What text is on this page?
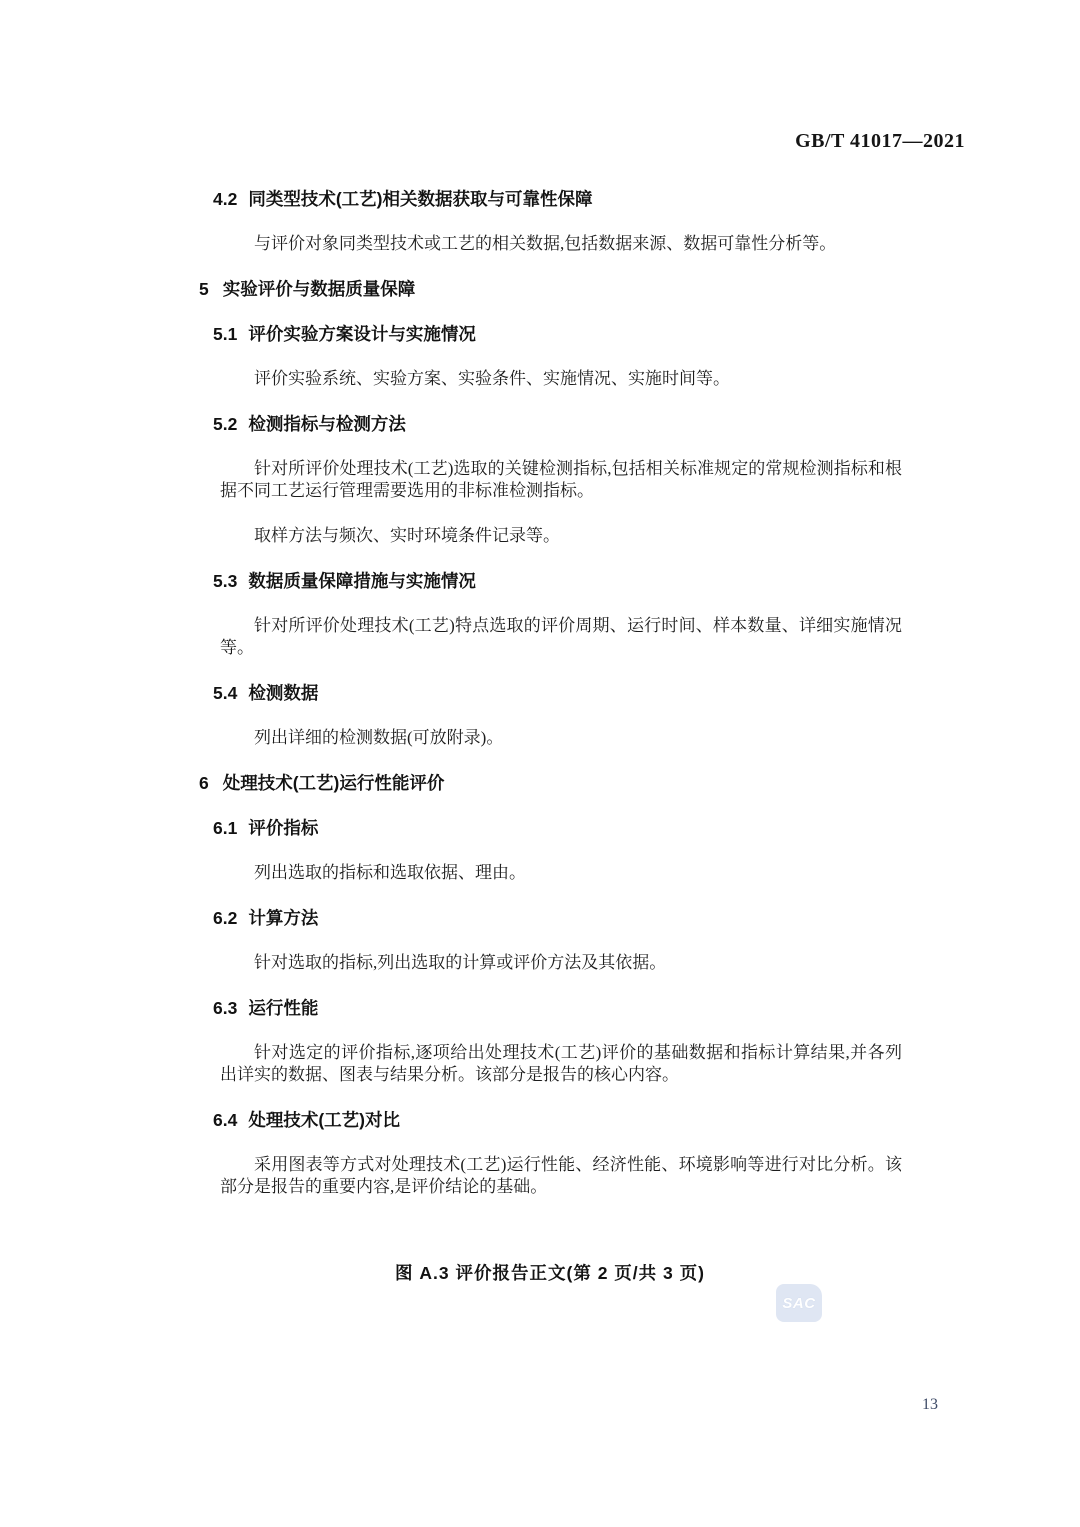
GB/T 41017—2021
4.2 同类型技术(工艺)相关数据获取与可靠性保障
与评价对象同类型技术或工艺的相关数据,包括数据来源、数据可靠性分析等。
5 实验评价与数据质量保障
5.1 评价实验方案设计与实施情况
评价实验系统、实验方案、实验条件、实施情况、实施时间等。
5.2 检测指标与检测方法
针对所评价处理技术(工艺)选取的关键检测指标,包括相关标准规定的常规检测指标和根据不同工艺运行管理需要选用的非标准检测指标。
取样方法与频次、实时环境条件记录等。
5.3 数据质量保障措施与实施情况
针对所评价处理技术(工艺)特点选取的评价周期、运行时间、样本数量、详细实施情况等。
5.4 检测数据
列出详细的检测数据(可放附录)。
6 处理技术(工艺)运行性能评价
6.1 评价指标
列出选取的指标和选取依据、理由。
6.2 计算方法
针对选取的指标,列出选取的计算或评价方法及其依据。
6.3 运行性能
针对选定的评价指标,逐项给出处理技术(工艺)评价的基础数据和指标计算结果,并各列出详实的数据、图表与结果分析。该部分是报告的核心内容。
6.4 处理技术(工艺)对比
采用图表等方式对处理技术(工艺)运行性能、经济性能、环境影响等进行对比分析。该部分是报告的重要内容,是评价结论的基础。
图 A.3 评价报告正文(第 2 页/共 3 页)
SAC
13
